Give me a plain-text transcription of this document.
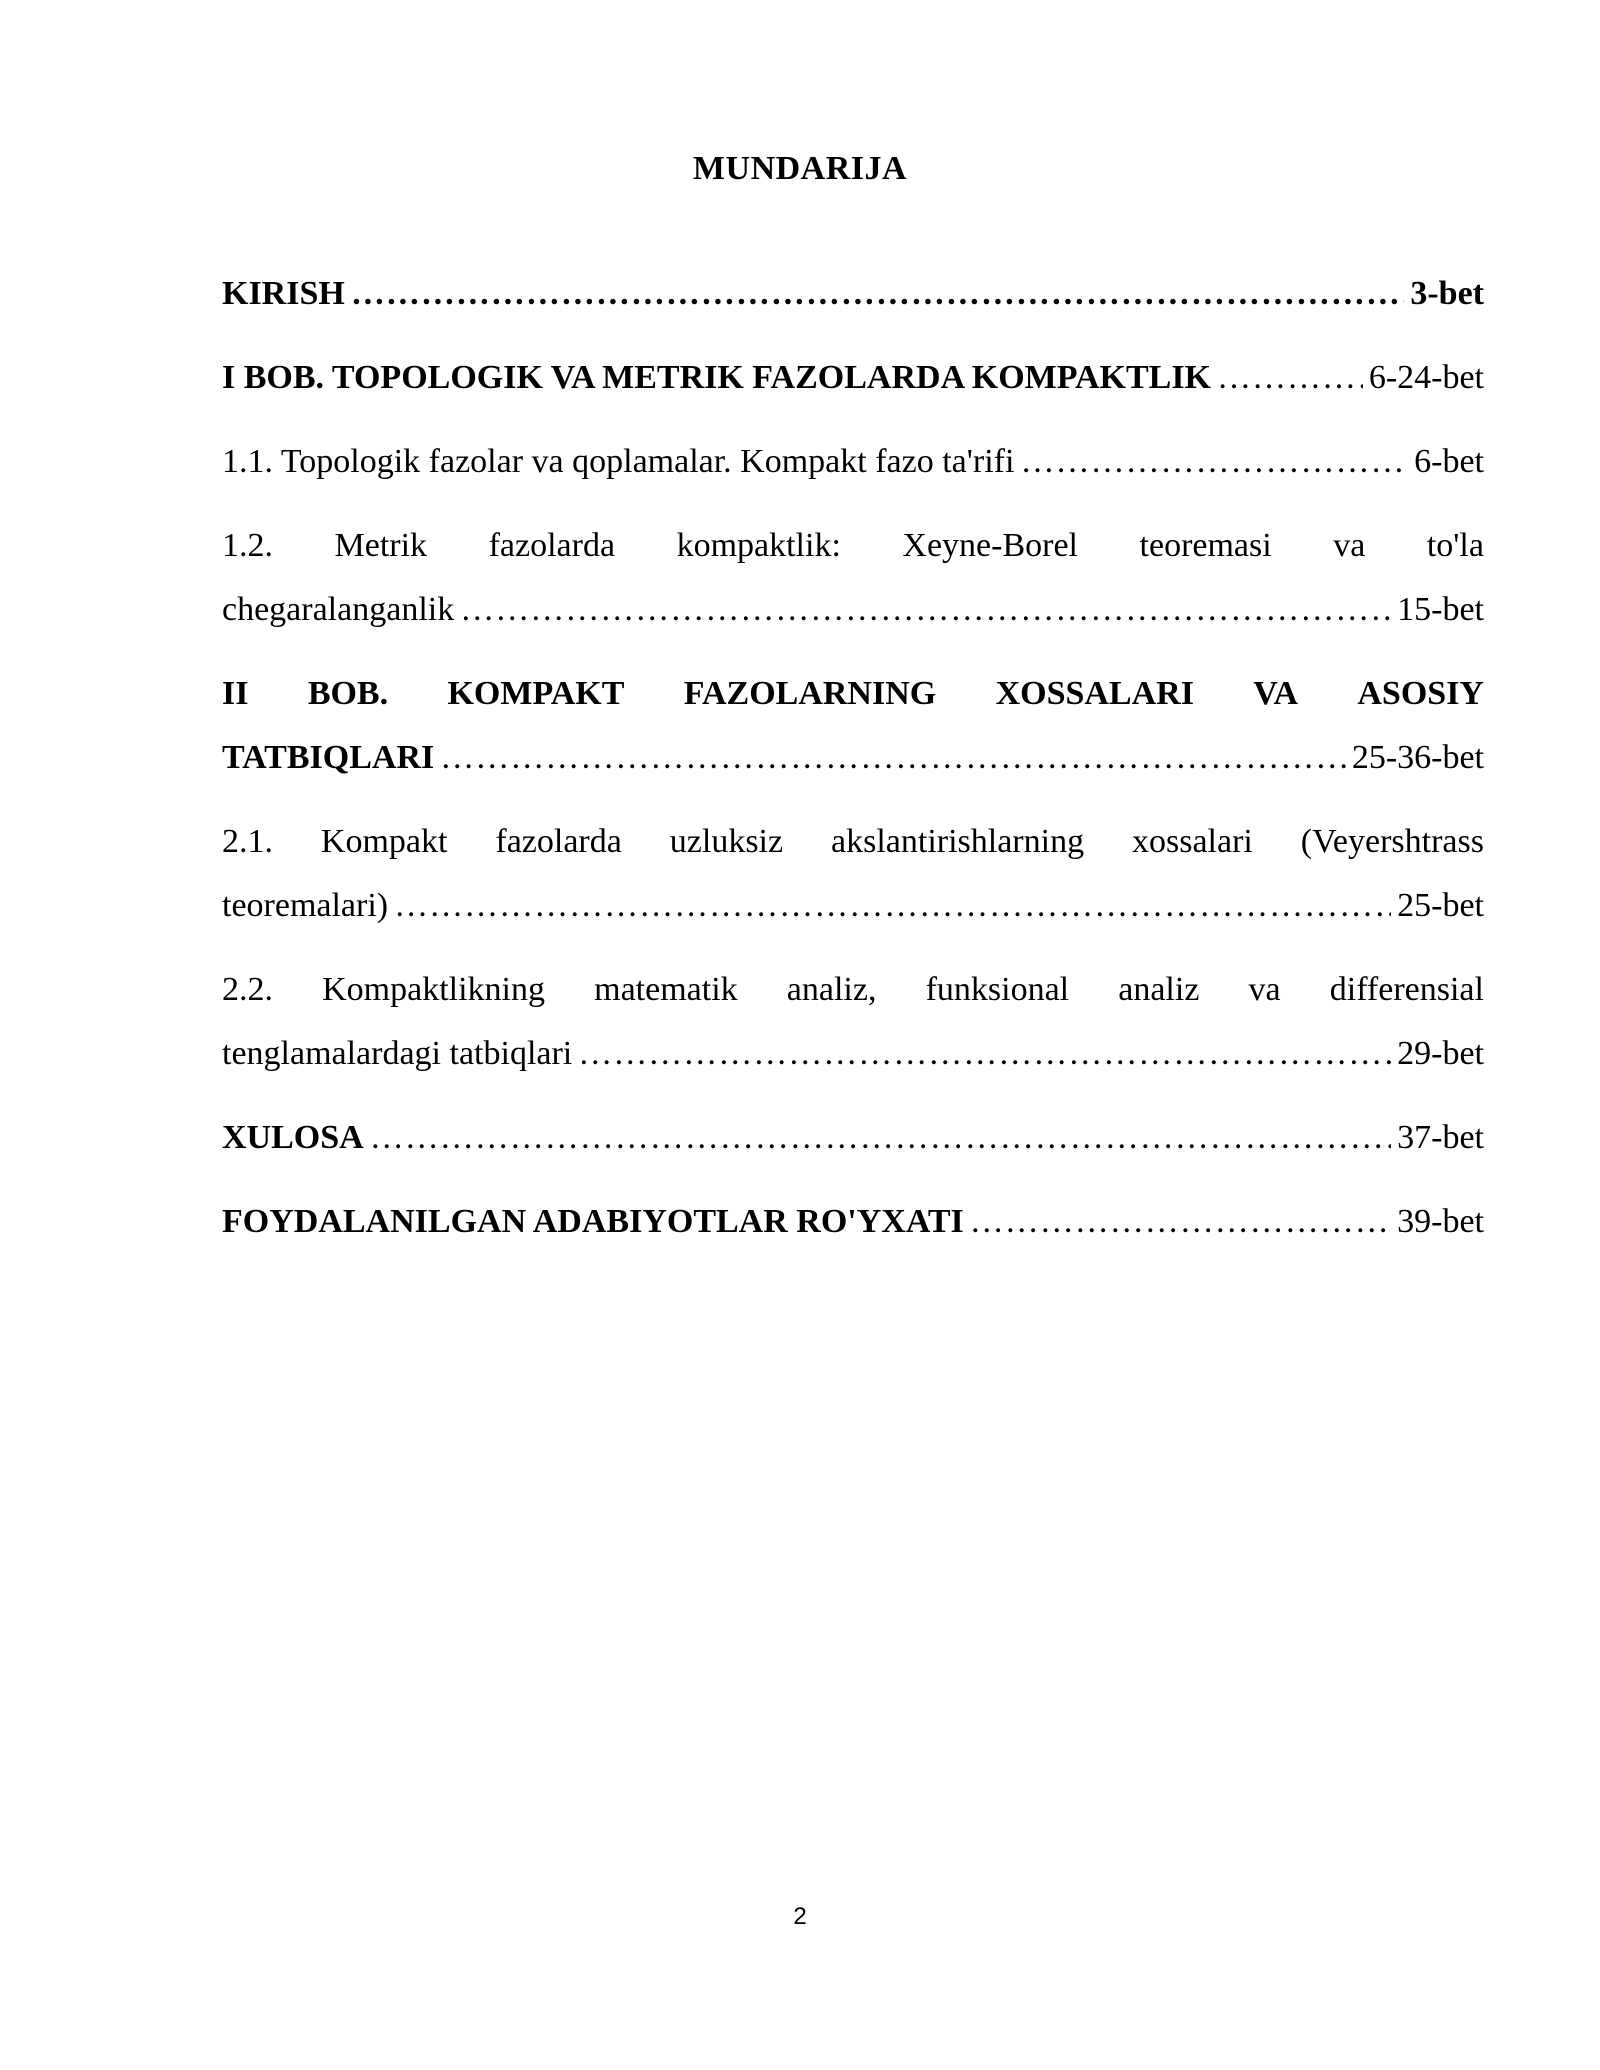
MUNDARIJA
KIRISH …………………………………………………………………………………………………………………………………………………………………………………………………………	3-bet
I BOB. TOPOLOGIK VA METRIK FAZOLARDA KOMPAKTLIK …………………………………………………………………………………………………………………………………………………………………………………………………………	6-24-bet
1.1. Topologik fazolar va qoplamalar. Kompakt fazo ta'rifi …………………………………………………………………………………………………………………………………………………………………………………………………………	6-bet
1.2. Metrik fazolarda kompaktlik: Xeyne-Borel teoremasi va to'la
chegaralanganlik …………………………………………………………………………………………………………………………………………………………………………………………………………	15-bet
II BOB. KOMPAKT FAZOLARNING XOSSALARI VA ASOSIY
TATBIQLARI …………………………………………………………………………………………………………………………………………………………………………………………………………	25-36-bet
2.1. Kompakt fazolarda uzluksiz akslantirishlarning xossalari (Veyershtrass
teoremalari) …………………………………………………………………………………………………………………………………………………………………………………………………………	25-bet
2.2. Kompaktlikning matematik analiz, funksional analiz va differensial
tenglamalardagi tatbiqlari …………………………………………………………………………………………………………………………………………………………………………………………………………	29-bet
XULOSA …………………………………………………………………………………………………………………………………………………………………………………………………………	37-bet
FOYDALANILGAN ADABIYOTLAR RO'YXATI …………………………………………………………………………………………………………………………………………………………………………………………………………	39-bet
2
